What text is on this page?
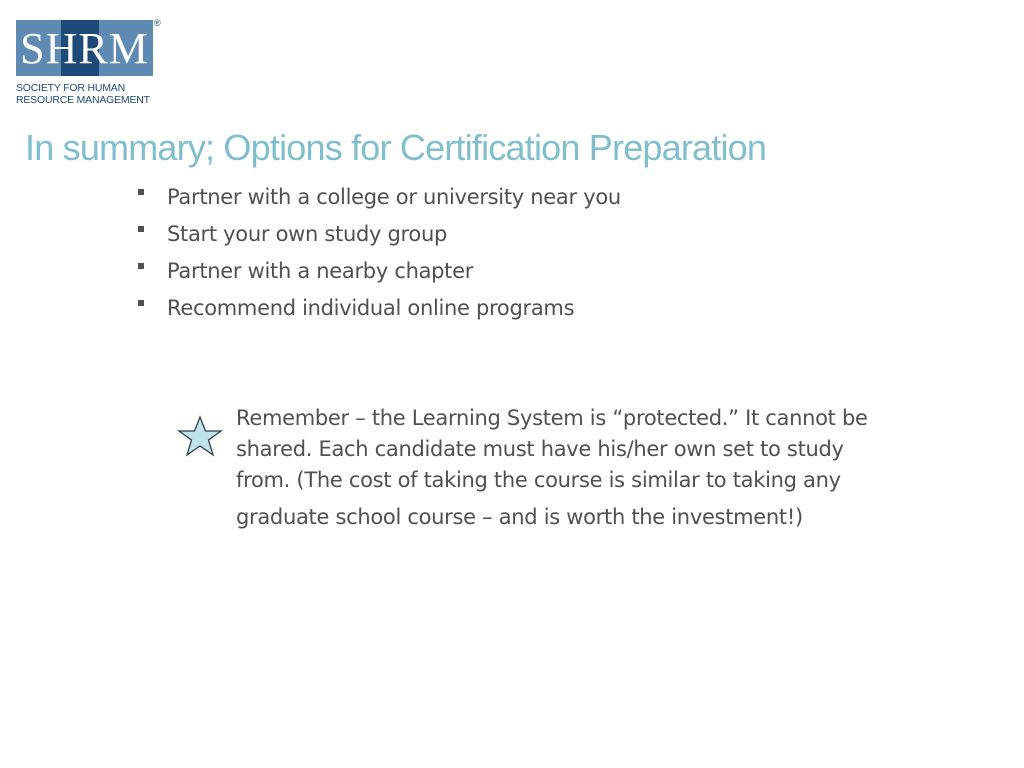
SHRM
®
SOCIETY FOR HUMAN
RESOURCE MANAGEMENT
In summary; Options for Certification Preparation
Partner with a college or university near you
Start your own study group
Partner with a nearby chapter
Recommend individual online programs
Remember – the Learning System is “protected.” It cannot be
shared. Each candidate must have his/her own set to study
from. (The cost of taking the course is similar to taking any
graduate school course – and is worth the investment!)
